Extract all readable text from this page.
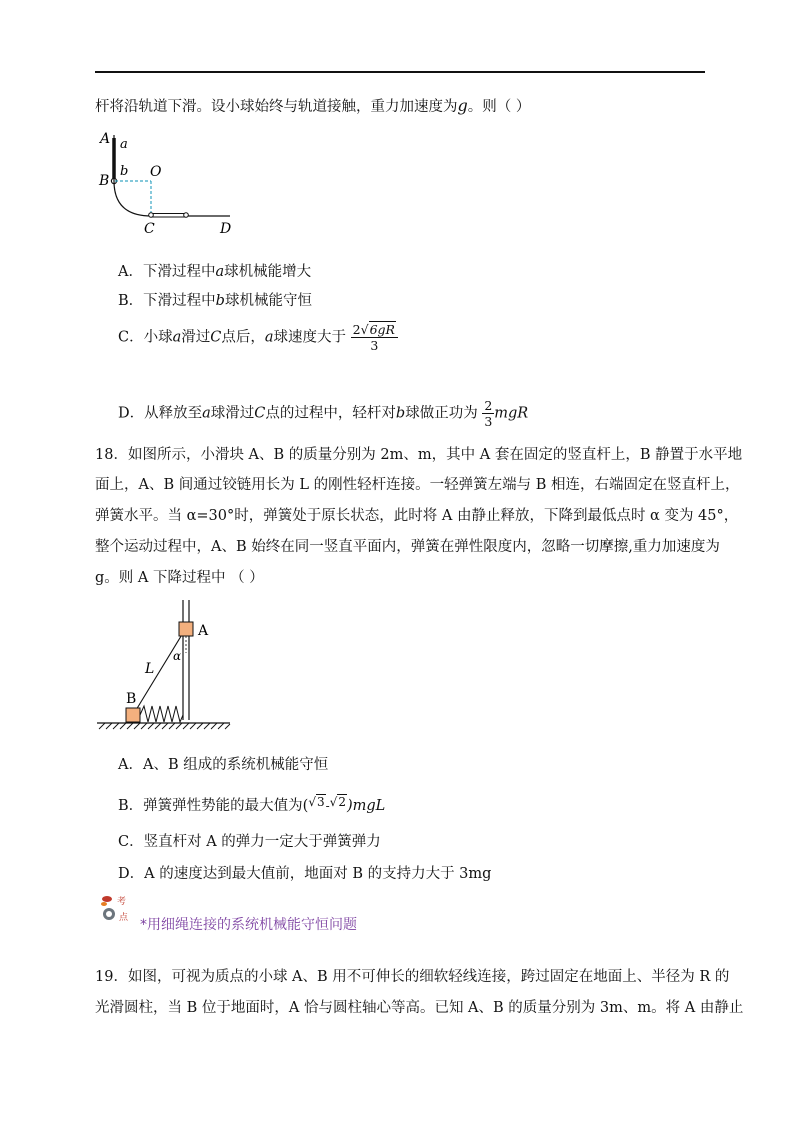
杆将沿轨道下滑。设小球始终与轨道接触，重力加速度为g。则（ ）
A a
B
b O
C	D
A．下滑过程中a球机械能增大
B．下滑过程中b球机械能守恒
C．小球a滑过C点后，a球速度大于 $\frac{2√6gR}{3}$
D．从释放至a球滑过C点的过程中，轻杆对b球做正功为 $\frac{2}{3}$ mgR
18．如图所示，小滑块 A、B 的质量分别为 2m、m，其中 A 套在固定的竖直杆上，B 静置于水平地
面上，A、B 间通过铰链用长为 L 的刚性轻杆连接。一轻弹簧左端与 B 相连，右端固定在竖直杆上，
弹簧水平。当 α=30°时，弹簧处于原长状态，此时将 A 由静止释放，下降到最低点时 α 变为 45°，
整个运动过程中，A、B 始终在同一竖直平面内，弹簧在弹性限度内，忽略一切摩擦,重力加速度为
g。则 A 下降过程中 （ ）
A
α
L
B
A．A、B 组成的系统机械能守恒
B．弹簧弹性势能的最大值为($^{√3}$-$^{√2}$)mgL
C．竖直杆对 A 的弹力一定大于弹簧弹力
D．A 的速度达到最大值前，地面对 B 的支持力大于 3mg
考
点 *用细绳连接的系统机械能守恒问题
19．如图，可视为质点的小球 A、B 用不可伸长的细软轻线连接，跨过固定在地面上、半径为 R 的
光滑圆柱，当 B 位于地面时，A 恰与圆柱轴心等高。已知 A、B 的质量分别为 3m、m。将 A 由静止
